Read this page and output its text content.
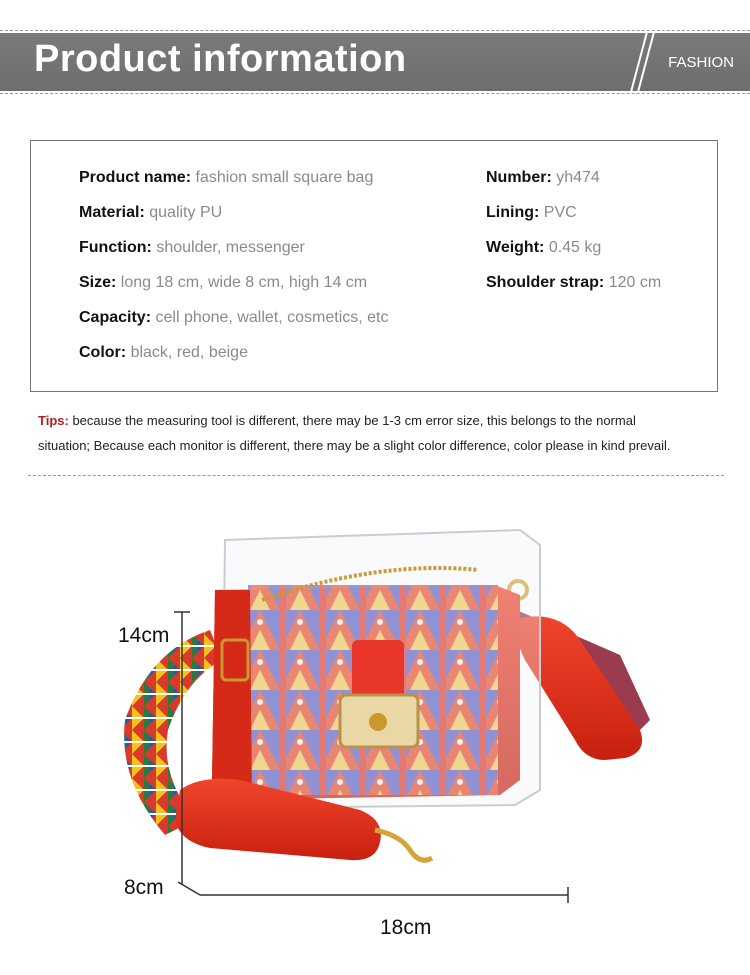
Product information	FASHION
Product name: fashion small square bag
Material: quality PU
Function: shoulder, messenger
Size: long 18 cm, wide 8 cm, high 14 cm
Capacity: cell phone, wallet, cosmetics, etc
Color: black, red, beige
Number: yh474
Lining: PVC
Weight: 0.45 kg
Shoulder strap: 120 cm
Tips: because the measuring tool is different, there may be 1-3 cm error size, this belongs to the normal
situation; Because each monitor is different, there may be a slight color difference, color please in kind prevail.
14cm
8cm
18cm
